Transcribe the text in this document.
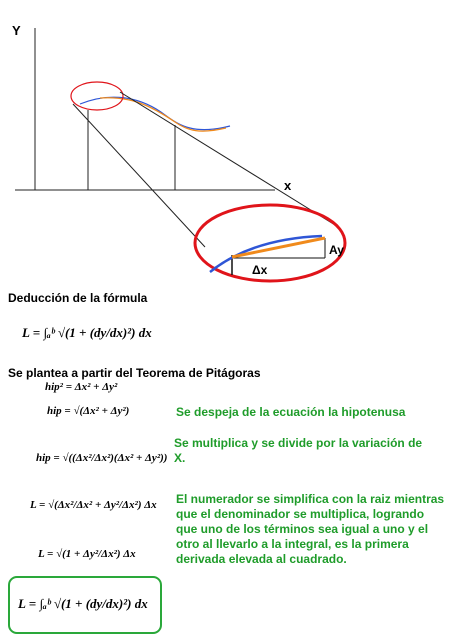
Y
x
Δx
Ay
Deducción de la fórmula
L = ∫ₐᵇ √(1 + (dy/dx)²) dx
Se plantea a partir del Teorema de Pitágoras
hip² = Δx² + Δy²
hip = √(Δx² + Δy²)	Se despeja de la ecuación la hipotenusa
hip = √((Δx²/Δx²)(Δx² + Δy²))
Se multiplica y se divide por la variación de X.
L = √(Δx²/Δx² + Δy²/Δx²) Δx El numerador se simplifica con la raiz mientras que el denominador se multiplica, logrando que uno de los términos sea igual a uno y el otro al llevarlo a la integral, es la primera derivada elevada al cuadrado.
L = √(1 + Δy²/Δx²) Δx
L = ∫ₐᵇ √(1 + (dy/dx)²) dx
